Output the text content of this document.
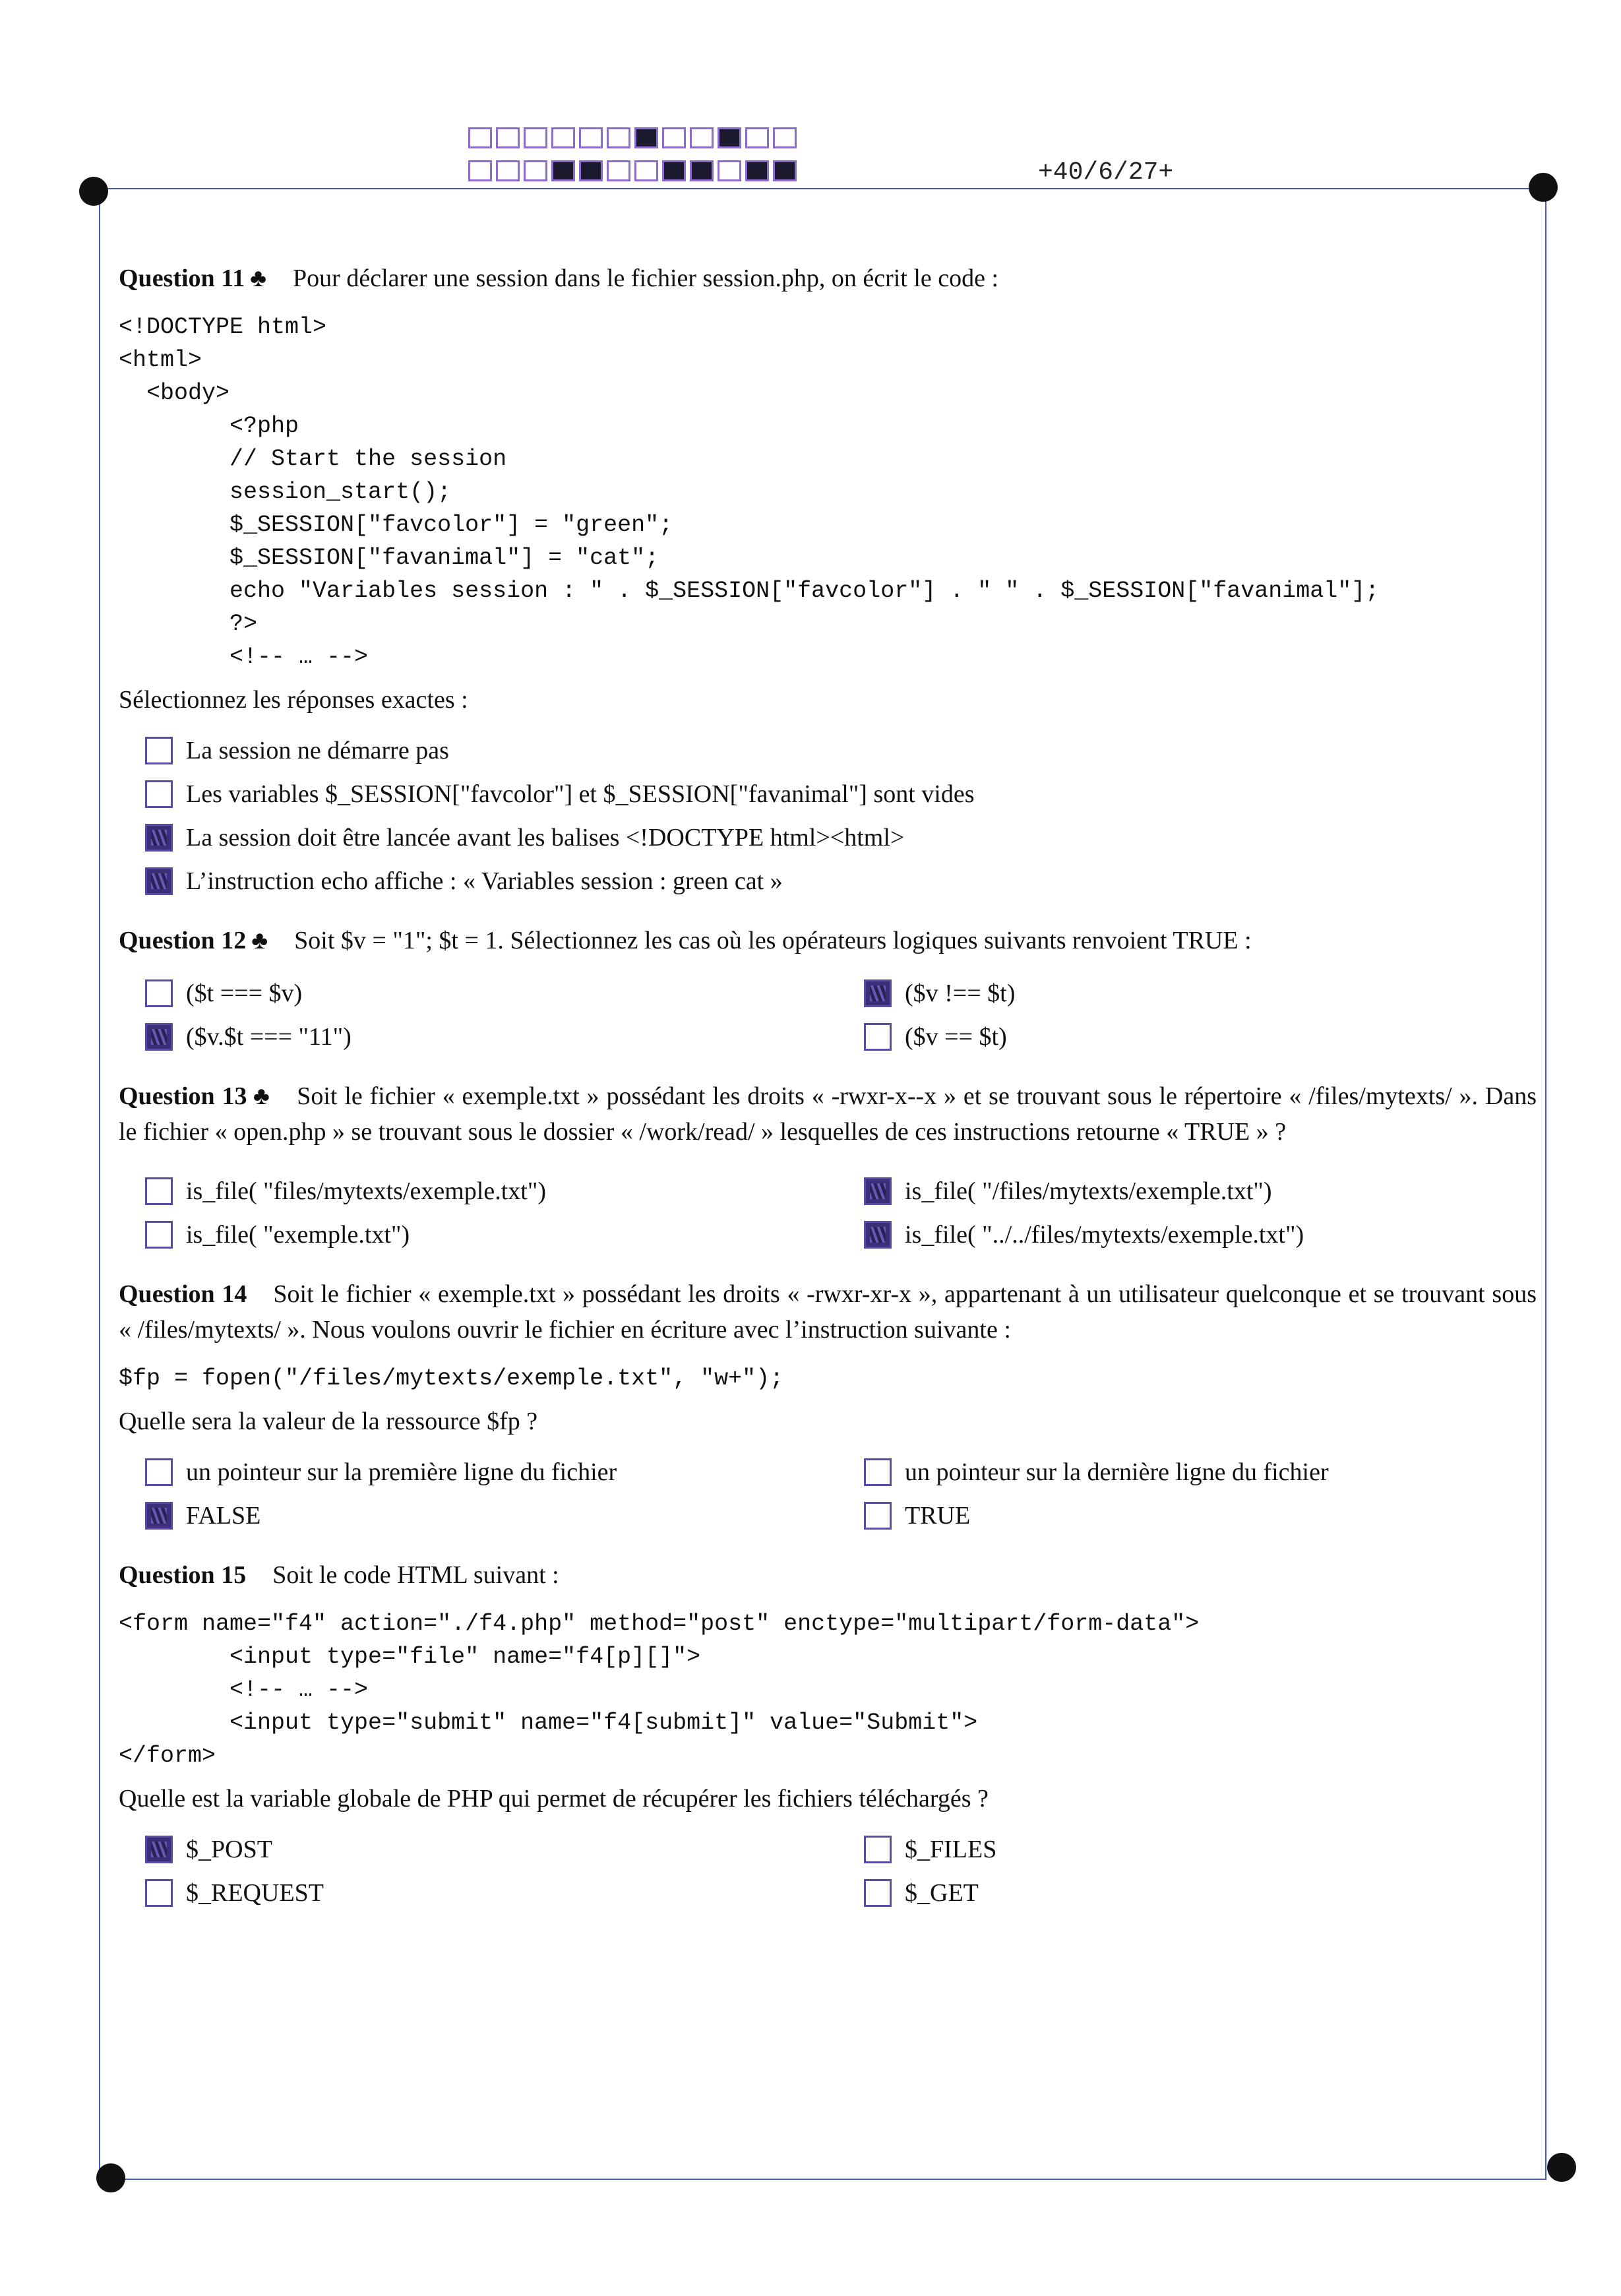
+40/6/27+

Question 11 ♣ Pour déclarer une session dans le fichier session.php, on écrit le code :

<!DOCTYPE html>
<html>
<body>
<?php
// Start the session
session_start();
$_SESSION["favcolor"] = "green";
$_SESSION["favanimal"] = "cat";
echo "Variables session : " . $_SESSION["favcolor"] . " " . $_SESSION["favanimal"];
?>
<!-- … -->
Sélectionnez les réponses exactes :
La session ne démarre pas
Les variables $_SESSION["favcolor"] et $_SESSION["favanimal"] sont vides
La session doit être lancée avant les balises <!DOCTYPE html><html>
L’instruction echo affiche : « Variables session : green cat »

Question 12 ♣ Soit $v = "1"; $t = 1. Sélectionnez les cas où les opérateurs logiques suivants renvoient TRUE :

($t === $v)	($v !== $t)
($v.$t === "11")	($v == $t)

Question 13 ♣ Soit le fichier « exemple.txt » possédant les droits « -rwxr-x--x » et se trouvant sous le répertoire « /files/mytexts/ ». Dans le fichier « open.php » se trouvant sous le dossier « /work/read/ » lesquelles de ces instructions retourne « TRUE » ?

is_file( "files/mytexts/exemple.txt")	is_file( "/files/mytexts/exemple.txt")
is_file( "exemple.txt")	is_file( "../../files/mytexts/exemple.txt")

Question 14 Soit le fichier « exemple.txt » possédant les droits « -rwxr-xr-x », appartenant à un utilisateur quelconque et se trouvant sous « /files/mytexts/ ». Nous voulons ouvrir le fichier en écriture avec l’instruction suivante :

$fp = fopen("/files/mytexts/exemple.txt", "w+");
Quelle sera la valeur de la ressource $fp ?
un pointeur sur la première ligne du fichier	un pointeur sur la dernière ligne du fichier
FALSE	TRUE

Question 15 Soit le code HTML suivant :

<form name="f4" action="./f4.php" method="post" enctype="multipart/form-data">
<input type="file" name="f4[p][]">
<!-- … -->
<input type="submit" name="f4[submit]" value="Submit">
</form>
Quelle est la variable globale de PHP qui permet de récupérer les fichiers téléchargés ?
$_POST	$_FILES
$_REQUEST	$_GET
